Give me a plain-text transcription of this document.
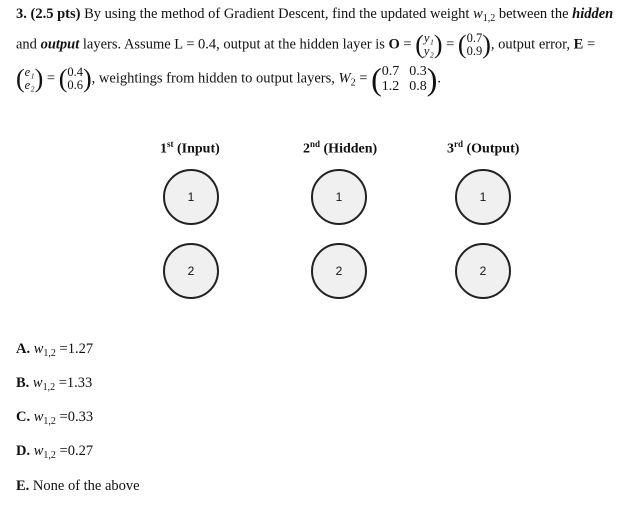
3. (2.5 pts) By using the method of Gradient Descent, find the updated weight $w_{1,2}$ between the hidden
and output layers. Assume L = 0.4, output at the hidden layer is O = ( y₁
y₂ ) = ( 0.7
0.9 ), output error, E =
( e₁
e₂ ) = ( 0.4
0.6 ), weightings from hidden to output layers, $W_2$ = ( 0.7 0.3
1.2 0.8 ).
1st (Input)	2nd (Hidden)	3rd (Output)
1
2
1
2
1
2
A. $w_{1,2} =1.27$
B. $w_{1,2} =1.33$
C. $w_{1,2} =0.33$
D. $w_{1,2} =0.27$
E. None of the above
